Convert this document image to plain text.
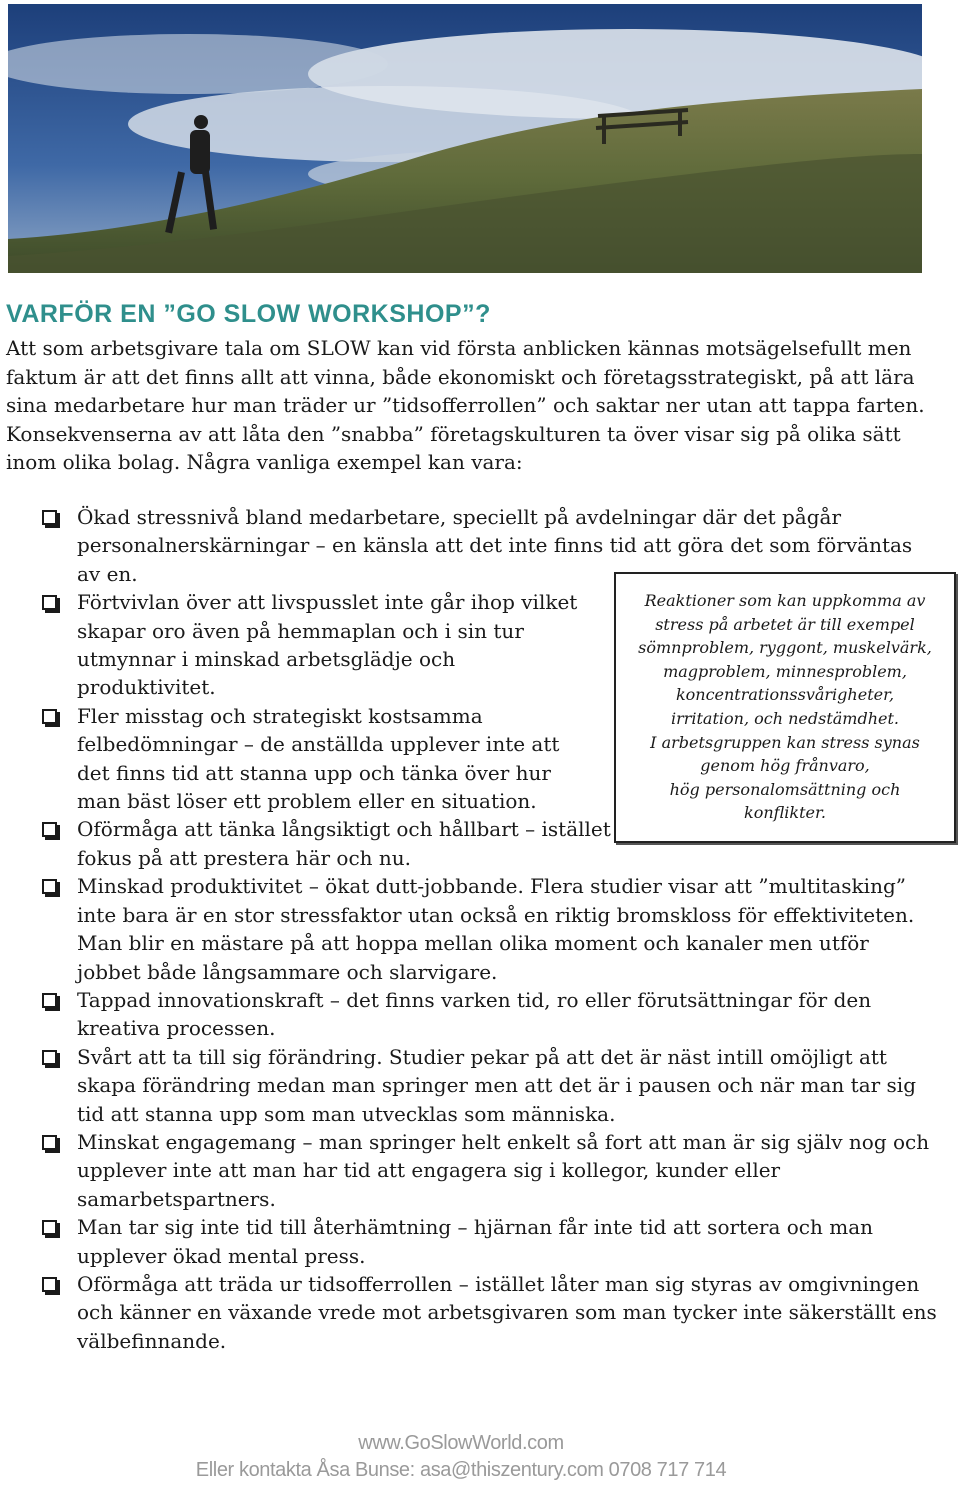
VARFÖR EN ”GO SLOW WORKSHOP”?

Att som arbetsgivare tala om SLOW kan vid första anblicken kännas motsägelsefullt men faktum är att det finns allt att vinna, både ekonomiskt och företagsstrategiskt, på att lära sina medarbetare hur man träder ur ”tidsofferrollen” och saktar ner utan att tappa farten. Konsekvenserna av att låta den ”snabba” företagskulturen ta över visar sig på olika sätt inom olika bolag. Några vanliga exempel kan vara:

Ökad stressnivå bland medarbetare, speciellt på avdelningar där det pågår personalnerskärningar – en känsla att det inte finns tid att göra det som förväntas av en.
Förtvivlan över att livspusslet inte går ihop vilket skapar oro även på hemmaplan och i sin tur utmynnar i minskad arbetsglädje och produktivitet.
Fler misstag och strategiskt kostsamma felbedömningar – de anställda upplever inte att det finns tid att stanna upp och tänka över hur man bäst löser ett problem eller en situation.
Oförmåga att tänka långsiktigt och hållbart – istället fokus på att prestera här och nu.
Minskad produktivitet – ökat dutt-jobbande. Flera studier visar att ”multitasking” inte bara är en stor stressfaktor utan också en riktig bromskloss för effektiviteten. Man blir en mästare på att hoppa mellan olika moment och kanaler men utför jobbet både långsammare och slarvigare.
Tappad innovationskraft – det finns varken tid, ro eller förutsättningar för den kreativa processen.
Svårt att ta till sig förändring. Studier pekar på att det är näst intill omöjligt att skapa förändring medan man springer men att det är i pausen och när man tar sig tid att stanna upp som man utvecklas som människa.
Minskat engagemang – man springer helt enkelt så fort att man är sig själv nog och upplever inte att man har tid att engagera sig i kollegor, kunder eller samarbetspartners.
Man tar sig inte tid till återhämtning – hjärnan får inte tid att sortera och man upplever ökad mental press.
Oförmåga att träda ur tidsofferrollen – istället låter man sig styras av omgivningen och känner en växande vrede mot arbetsgivaren som man tycker inte säkerställt ens välbefinnande.
Reaktioner som kan uppkomma av
stress på arbetet är till exempel
sömnproblem, ryggont, muskelvärk,
magproblem, minnesproblem,
koncentrationssvårigheter,
irritation, och nedstämdhet.
I arbetsgruppen kan stress synas
genom hög frånvaro,
hög personalomsättning och
konflikter.
www.GoSlowWorld.com
Eller kontakta Åsa Bunse: asa@thiszentury.com 0708 717 714
